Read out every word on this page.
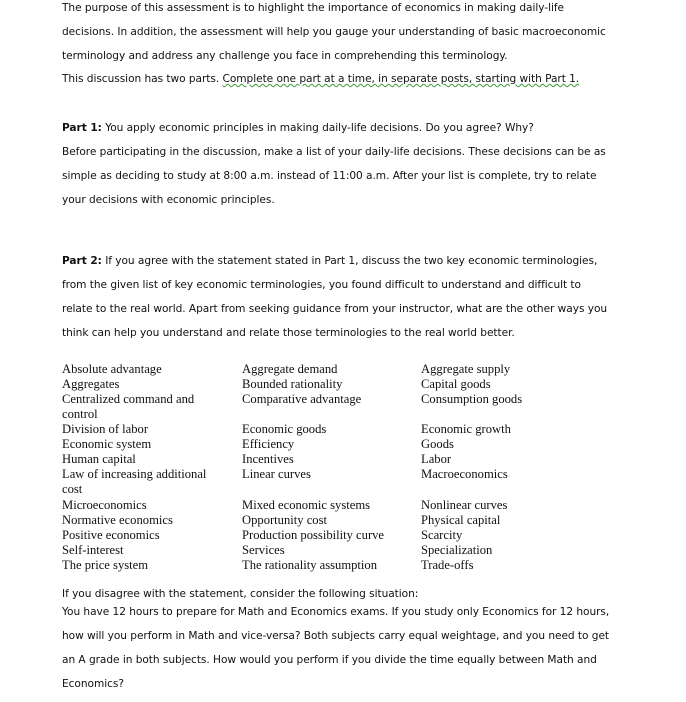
The purpose of this assessment is to highlight the importance of economics in making daily-life
decisions. In addition, the assessment will help you gauge your understanding of basic macroeconomic
terminology and address any challenge you face in comprehending this terminology.
This discussion has two parts. Complete one part at a time, in separate posts, starting with Part 1.
Part 1: You apply economic principles in making daily-life decisions. Do you agree? Why?
Before participating in the discussion, make a list of your daily-life decisions. These decisions can be as
simple as deciding to study at 8:00 a.m. instead of 11:00 a.m. After your list is complete, try to relate
your decisions with economic principles.
Part 2: If you agree with the statement stated in Part 1, discuss the two key economic terminologies,
from the given list of key economic terminologies, you found difficult to understand and difficult to
relate to the real world. Apart from seeking guidance from your instructor, what are the other ways you
think can help you understand and relate those terminologies to the real world better.
Absolute advantage
Aggregates
Centralized command and
control
Division of labor
Economic system
Human capital
Law of increasing additional
cost
Microeconomics
Normative economics
Positive economics
Self-interest
The price system
Aggregate demand
Bounded rationality
Comparative advantage
Economic goods
Efficiency
Incentives
Linear curves
Mixed economic systems
Opportunity cost
Production possibility curve
Services
The rationality assumption
Aggregate supply
Capital goods
Consumption goods
Economic growth
Goods
Labor
Macroeconomics
Nonlinear curves
Physical capital
Scarcity
Specialization
Trade-offs
If you disagree with the statement, consider the following situation:
You have 12 hours to prepare for Math and Economics exams. If you study only Economics for 12 hours,
how will you perform in Math and vice-versa? Both subjects carry equal weightage, and you need to get
an A grade in both subjects. How would you perform if you divide the time equally between Math and
Economics?
